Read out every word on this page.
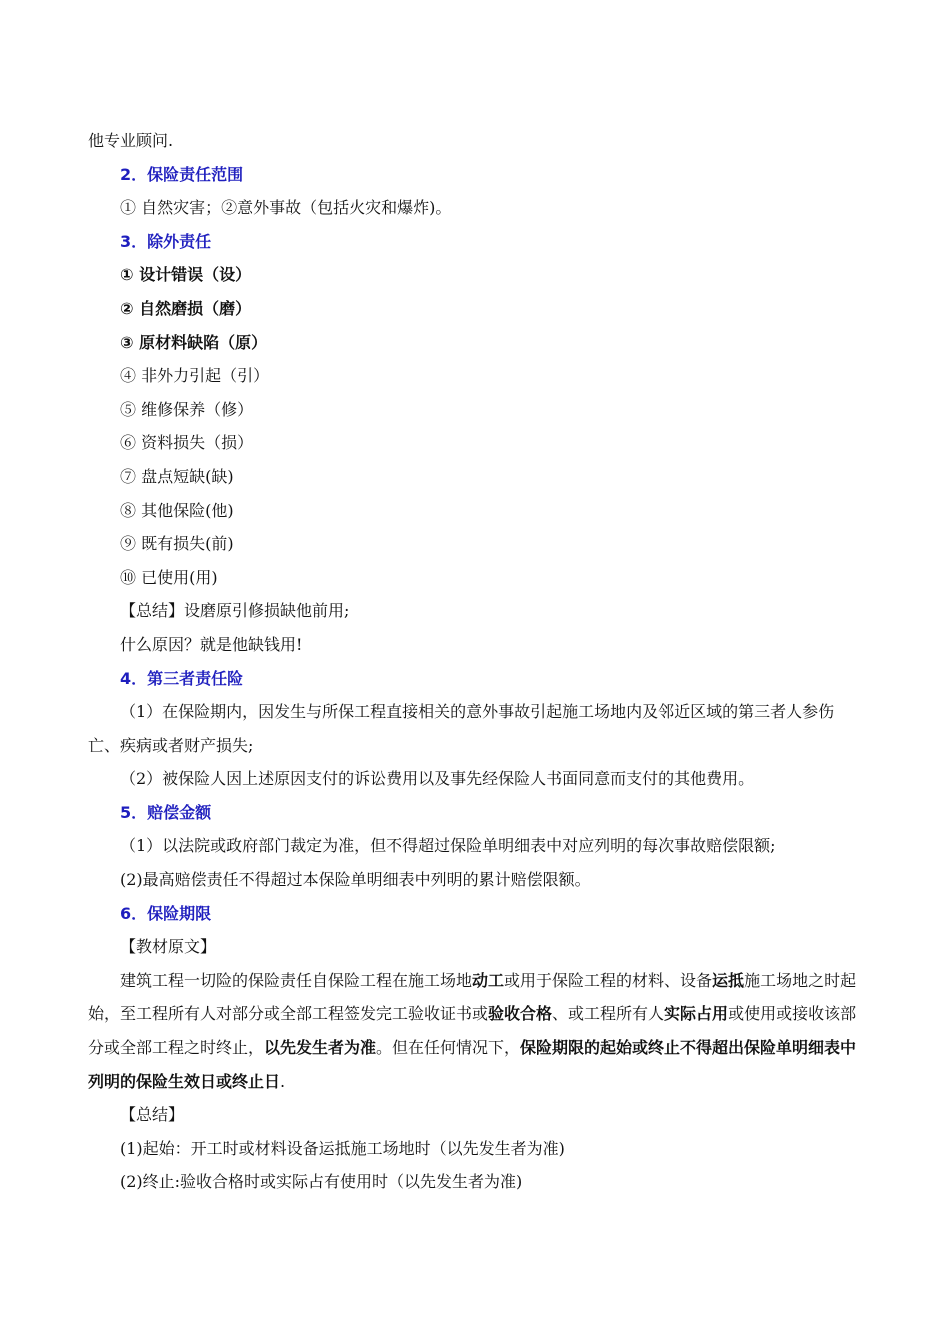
他专业顾问.

2．保险责任范围

① 自然灾害；②意外事故（包括火灾和爆炸)。

3．除外责任

① 设计错误（设）

② 自然磨损（磨）

③ 原材料缺陷（原）

④ 非外力引起（引）

⑤ 维修保养（修）

⑥ 资料损失（损）

⑦ 盘点短缺(缺)

⑧ 其他保险(他)

⑨ 既有损失(前)

⑩ 已使用(用)

【总结】设磨原引修损缺他前用;

什么原因？就是他缺钱用!

4．第三者责任险

（1）在保险期内，因发生与所保工程直接相关的意外事故引起施工场地内及邻近区域的第三者人参伤亡、疾病或者财产损失;

（2）被保险人因上述原因支付的诉讼费用以及事先经保险人书面同意而支付的其他费用。

5．赔偿金额

（1）以法院或政府部门裁定为准，但不得超过保险单明细表中对应列明的每次事故赔偿限额;

(2)最高赔偿责任不得超过本保险单明细表中列明的累计赔偿限额。

6．保险期限

【教材原文】

建筑工程一切险的保险责任自保险工程在施工场地动工或用于保险工程的材料、设备运抵施工场地之时起始，至工程所有人对部分或全部工程签发完工验收证书或验收合格、或工程所有人实际占用或使用或接收该部分或全部工程之时终止，以先发生者为准。但在任何情况下，保险期限的起始或终止不得超出保险单明细表中列明的保险生效日或终止日.

【总结】

(1)起始：开工时或材料设备运抵施工场地时（以先发生者为准)

(2)终止:验收合格时或实际占有使用时（以先发生者为准)
